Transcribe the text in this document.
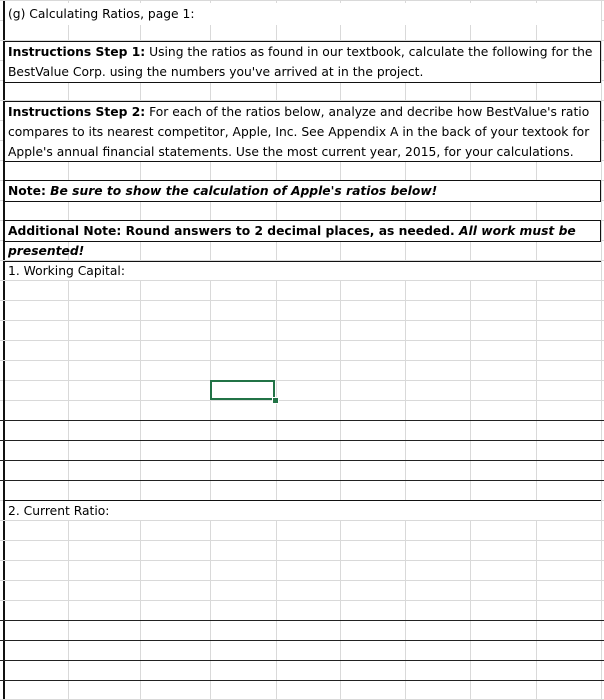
(g) Calculating Ratios, page 1:
Instructions Step 1: Using the ratios as found in our textbook, calculate the following for the
BestValue Corp. using the numbers you've arrived at in the project.
Instructions Step 2: For each of the ratios below, analyze and decribe how BestValue's ratio
compares to its nearest competitor, Apple, Inc. See Appendix A in the back of your textook for
Apple's annual financial statements. Use the most current year, 2015, for your calculations.
Note: Be sure to show the calculation of Apple's ratios below!
Additional Note: Round answers to 2 decimal places, as needed. All work must be presented!
1. Working Capital:
2. Current Ratio:
